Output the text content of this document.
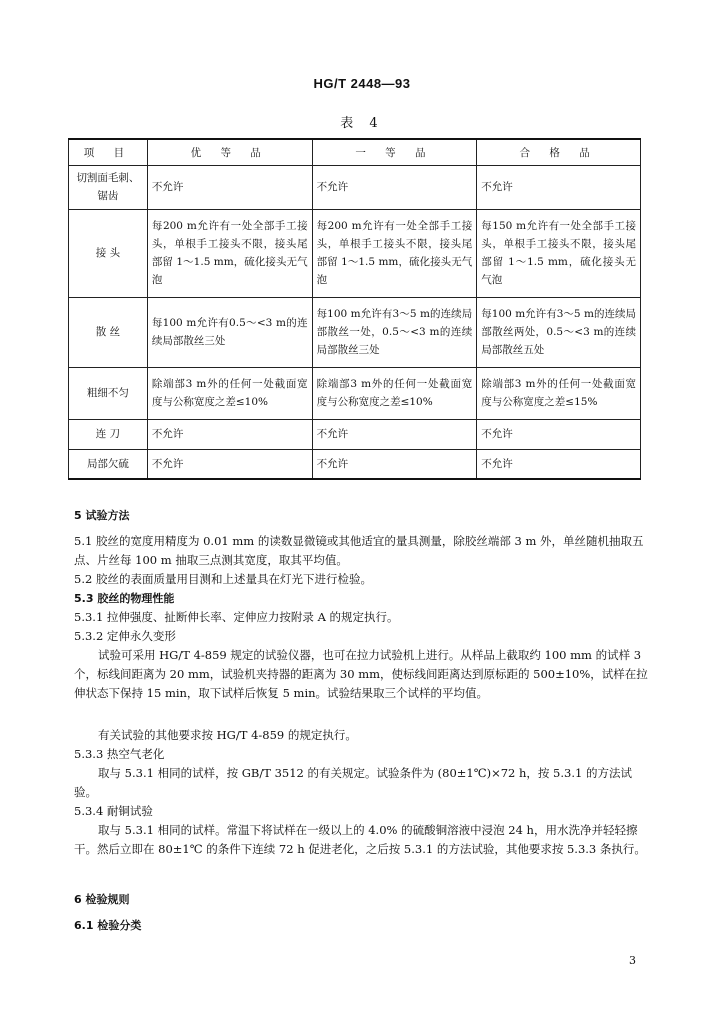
HG/T 2448—93
表 4
项 目	优 等 品	一 等 品	合 格 品
切割面毛刺、锯齿	不允许	不允许	不允许
接 头	每200 m允许有一处全部手工接头，单根手工接头不限，接头尾部留 1～1.5 mm，硫化接头无气泡	每200 m允许有一处全部手工接头，单根手工接头不限，接头尾部留 1～1.5 mm，硫化接头无气泡	每150 m允许有一处全部手工接头，单根手工接头不限，接头尾部留 1～1.5 mm，硫化接头无气泡
散 丝	每100 m允许有0.5～<3 m的连续局部散丝三处	每100 m允许有3～5 m的连续局部散丝一处，0.5～<3 m的连续局部散丝三处	每100 m允许有3～5 m的连续局部散丝两处，0.5～<3 m的连续局部散丝五处
粗细不匀	除端部3 m外的任何一处截面宽度与公称宽度之差≤10%	除端部3 m外的任何一处截面宽度与公称宽度之差≤10%	除端部3 m外的任何一处截面宽度与公称宽度之差≤15%
连 刀	不允许	不允许	不允许
局部欠硫	不允许	不允许	不允许
5 试验方法
5.1 胶丝的宽度用精度为 0.01 mm 的读数显微镜或其他适宜的量具测量，除胶丝端部 3 m 外，单丝随机抽取五点、片丝每 100 m 抽取三点测其宽度，取其平均值。
5.2 胶丝的表面质量用目测和上述量具在灯光下进行检验。
5.3 胶丝的物理性能
5.3.1 拉伸强度、扯断伸长率、定伸应力按附录 A 的规定执行。
5.3.2 定伸永久变形
试验可采用 HG/T 4-859 规定的试验仪器，也可在拉力试验机上进行。从样品上截取约 100 mm 的试样 3 个，标线间距离为 20 mm，试验机夹持器的距离为 30 mm，使标线间距离达到原标距的 500±10%，试样在拉伸状态下保持 15 min，取下试样后恢复 5 min。试验结果取三个试样的平均值。
有关试验的其他要求按 HG/T 4-859 的规定执行。
5.3.3 热空气老化
取与 5.3.1 相同的试样，按 GB/T 3512 的有关规定。试验条件为 (80±1℃)×72 h，按 5.3.1 的方法试验。
5.3.4 耐铜试验
取与 5.3.1 相同的试样。常温下将试样在一级以上的 4.0% 的硫酸铜溶液中浸泡 24 h，用水洗净并轻轻擦干。然后立即在 80±1℃ 的条件下连续 72 h 促进老化，之后按 5.3.1 的方法试验，其他要求按 5.3.3 条执行。
6 检验规则
6.1 检验分类
3
